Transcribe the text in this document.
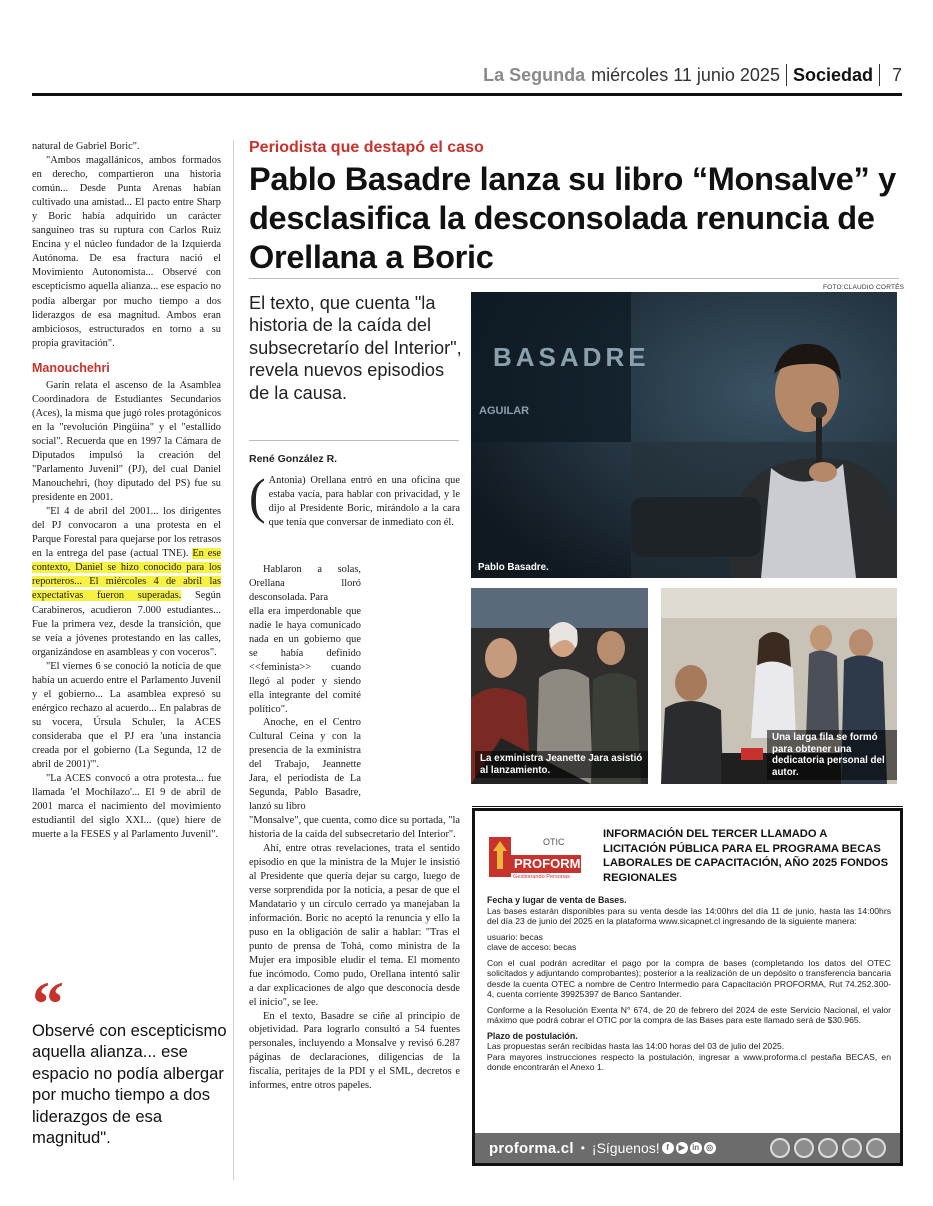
La Segunda miércoles 11 junio 2025 Sociedad 7

natural de Gabriel Boric".

"Ambos magallánicos, ambos formados en derecho, compartieron una historia común... Desde Punta Arenas habían cultivado una amistad... El pacto entre Sharp y Boric había adquirido un carácter sanguíneo tras su ruptura con Carlos Ruiz Encina y el núcleo fundador de la Izquierda Autónoma. De esa fractura nació el Movimiento Autonomista... Observé con escepticismo aquella alianza... ese espacio no podía albergar por mucho tiempo a dos liderazgos de esa magnitud. Ambos eran ambiciosos, estructurados en torno a su propia gravitación".

Manouchehri

Garín relata el ascenso de la Asamblea Coordinadora de Estudiantes Secundarios (Aces), la misma que jugó roles protagónicos en la "revolución Pingüina" y el "estallido social". Recuerda que en 1997 la Cámara de Diputados impulsó la creación del "Parlamento Juvenil" (PJ), del cual Daniel Manouchehri, (hoy diputado del PS) fue su presidente en 2001.

"El 4 de abril del 2001... los dirigentes del PJ convocaron a una protesta en el Parque Forestal para quejarse por los retrasos en la entrega del pase (actual TNE). En ese contexto, Daniel se hizo conocido para los reporteros... El miércoles 4 de abril las expectativas fueron superadas. Según Carabineros, acudieron 7.000 estudiantes... Fue la primera vez, desde la transición, que se veía a jóvenes protestando en las calles, organizándose en asambleas y con voceros".

"El viernes 6 se conoció la noticia de que había un acuerdo entre el Parlamento Juvenil y el gobierno... La asamblea expresó su enérgico rechazo al acuerdo... En palabras de su vocera, Úrsula Schuler, la ACES consideraba que el PJ era 'una instancia creada por el gobierno (La Segunda, 12 de abril de 2001)'".

"La ACES convocó a otra protesta... fue llamada 'el Mochilazo'... El 9 de abril de 2001 marca el nacimiento del movimiento estudiantil del siglo XXI... (que) hiere de muerte a la FESES y al Parlamento Juvenil".

“
Observé con escepticismo aquella alianza... ese espacio no podía albergar por mucho tiempo a dos liderazgos de esa magnitud".
Periodista que destapó el caso
Pablo Basadre lanza su libro “Monsalve” y desclasifica la desconsolada renuncia de Orellana a Boric
El texto, que cuenta "la historia de la caída del subsecretarío del Interior", revela nuevos episodios de la causa.
René González R.
( Antonia) Orellana entró en una oficina que estaba vacía, para hablar con privacidad, y le dijo al Presidente Boric, mirándolo a la cara que tenía que conversar de inmediato con él.

Hablaron a solas, Orellana lloró desconsolada. Para

ella era imperdonable que nadie le haya comunicado nada en un gobierno que se había definido <<feminista>> cuando llegó al poder y siendo ella integrante del comité político".

Anoche, en el Centro Cultural Ceina y con la presencia de la exministra del Trabajo, Jeannette Jara, el periodista de La Segunda, Pablo Basadre, lanzó su libro

"Monsalve", que cuenta, como dice su portada, "la historia de la caída del subsecretario del Interior".

Ahí, entre otras revelaciones, trata el sentido episodio en que la ministra de la Mujer le insistió al Presidente que quería dejar su cargo, luego de verse sorprendida por la noticia, a pesar de que el Mandatario y un círculo cerrado ya manejaban la información. Boric no aceptó la renuncia y ello la puso en la obligación de salir a hablar: "Tras el punto de prensa de Tohá, como ministra de la Mujer era imposible eludir el tema. El momento fue incómodo. Como pudo, Orellana intentó salir a dar explicaciones de algo que desconocía desde el inicio", se lee.

En el texto, Basadre se ciñe al principio de objetividad. Para lograrlo consultó a 54 fuentes personales, incluyendo a Monsalve y revisó 6.287 páginas de declaraciones, diligencias de la fiscalía, peritajes de la PDI y el SML, decretos e informes, entre otros papeles.

FOTO:CLAUDIO CORTÉS
BASADRE
AGUILAR
Pablo Basadre.
La exministra Jeanette Jara asistió al lanzamiento.
Una larga fila se formó para obtener una dedicatoria personal del autor.
OTIC
PROFORMA
Gestionando Personas
INFORMACIÓN DEL TERCER LLAMADO A LICITACIÓN PÚBLICA PARA EL PROGRAMA BECAS LABORALES DE CAPACITACIÓN, AÑO 2025 FONDOS REGIONALES
Fecha y lugar de venta de Bases.

Las bases estarán disponibles para su venta desde las 14:00hrs del día 11 de junio, hasta las 14:00hrs del día 23 de junio del 2025 en la plataforma www.sicapnet.cl ingresando de la siguiente manera:

usuario: becas

clave de acceso: becas

Con el cual podrán acreditar el pago por la compra de bases (completando los datos del OTEC solicitados y adjuntando comprobantes); posterior a la realización de un depósito o transferencia bancaria desde la cuenta OTEC a nombre de Centro Intermedio para Capacitación PROFORMA, Rut 74.252.300-4, cuenta corriente 39925397 de Banco Santander.

Conforme a la Resolución Exenta N° 674, de 20 de febrero del 2024 de este Servicio Nacional, el valor máximo que podrá cobrar el OTIC por la compra de las Bases para este llamado será de $30.965.

Plazo de postulación.

Las propuestas serán recibidas hasta las 14:00 horas del 03 de julio del 2025.

Para mayores instrucciones respecto la postulación, ingresar a www.proforma.cl pestaña BECAS, en donde encontrarán el Anexo 1.

proforma.cl • ¡Síguenos! f	▶ in ◎
